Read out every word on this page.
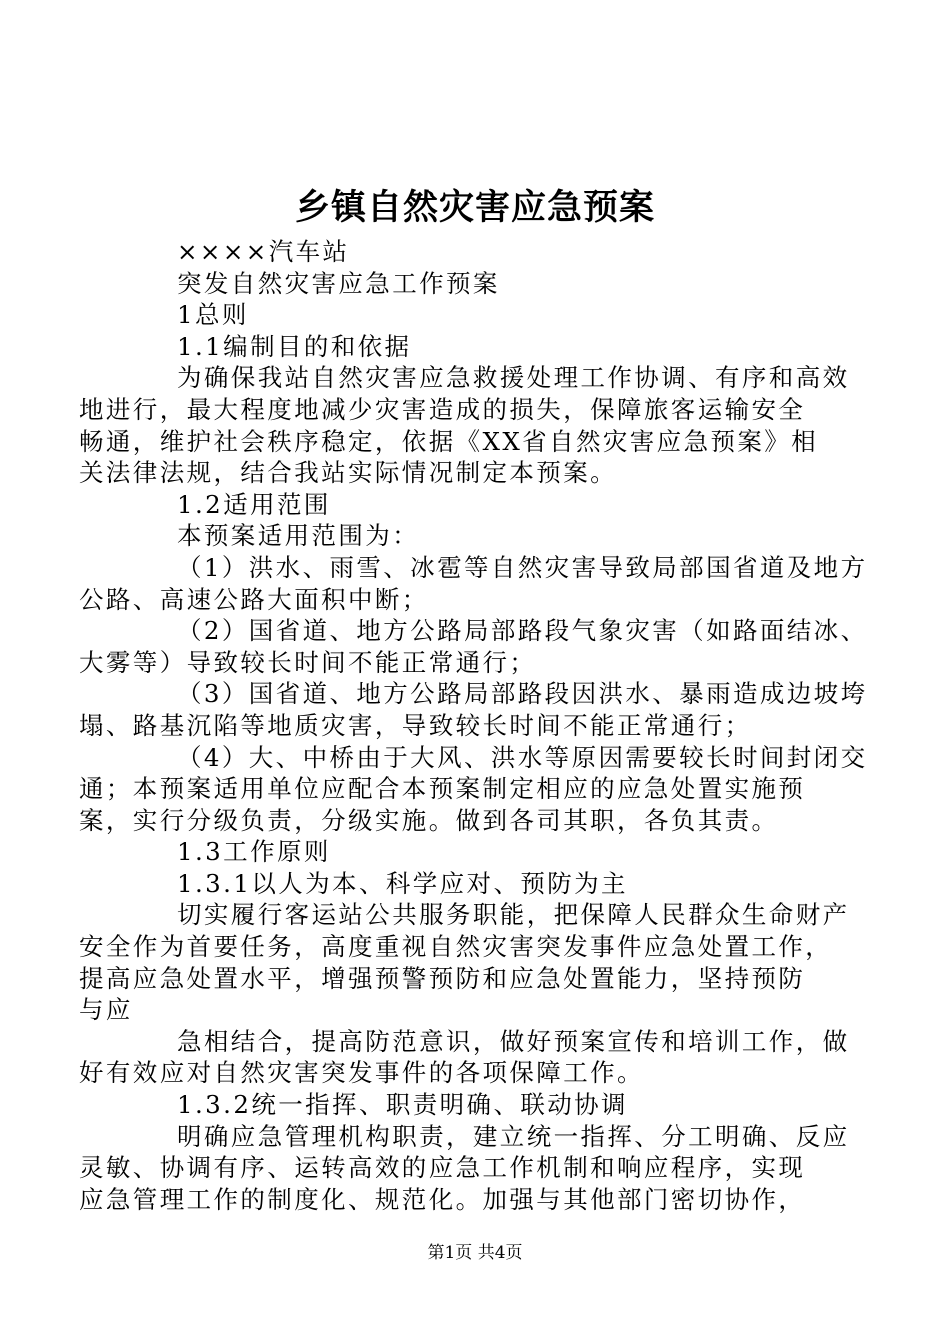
乡镇自然灾害应急预案

××××汽车站

突发自然灾害应急工作预案

1总则

1.1编制目的和依据

为确保我站自然灾害应急救援处理工作协调、有序和高效
地进行，最大程度地减少灾害造成的损失，保障旅客运输安全
畅通，维护社会秩序稳定，依据《XX省自然灾害应急预案》相
关法律法规，结合我站实际情况制定本预案。

1.2适用范围

本预案适用范围为：

（1）洪水、雨雪、冰雹等自然灾害导致局部国省道及地方
公路、高速公路大面积中断；

（2）国省道、地方公路局部路段气象灾害（如路面结冰、
大雾等）导致较长时间不能正常通行；

（3）国省道、地方公路局部路段因洪水、暴雨造成边坡垮
塌、路基沉陷等地质灾害，导致较长时间不能正常通行；

（4）大、中桥由于大风、洪水等原因需要较长时间封闭交
通；本预案适用单位应配合本预案制定相应的应急处置实施预
案，实行分级负责，分级实施。做到各司其职，各负其责。

1.3工作原则

1.3.1以人为本、科学应对、预防为主

切实履行客运站公共服务职能，把保障人民群众生命财产
安全作为首要任务，高度重视自然灾害突发事件应急处置工作，
提高应急处置水平，增强预警预防和应急处置能力，坚持预防
与应

急相结合，提高防范意识，做好预案宣传和培训工作，做
好有效应对自然灾害突发事件的各项保障工作。

1.3.2统一指挥、职责明确、联动协调

明确应急管理机构职责，建立统一指挥、分工明确、反应
灵敏、协调有序、运转高效的应急工作机制和响应程序，实现
应急管理工作的制度化、规范化。加强与其他部门密切协作，

第1页 共4页
